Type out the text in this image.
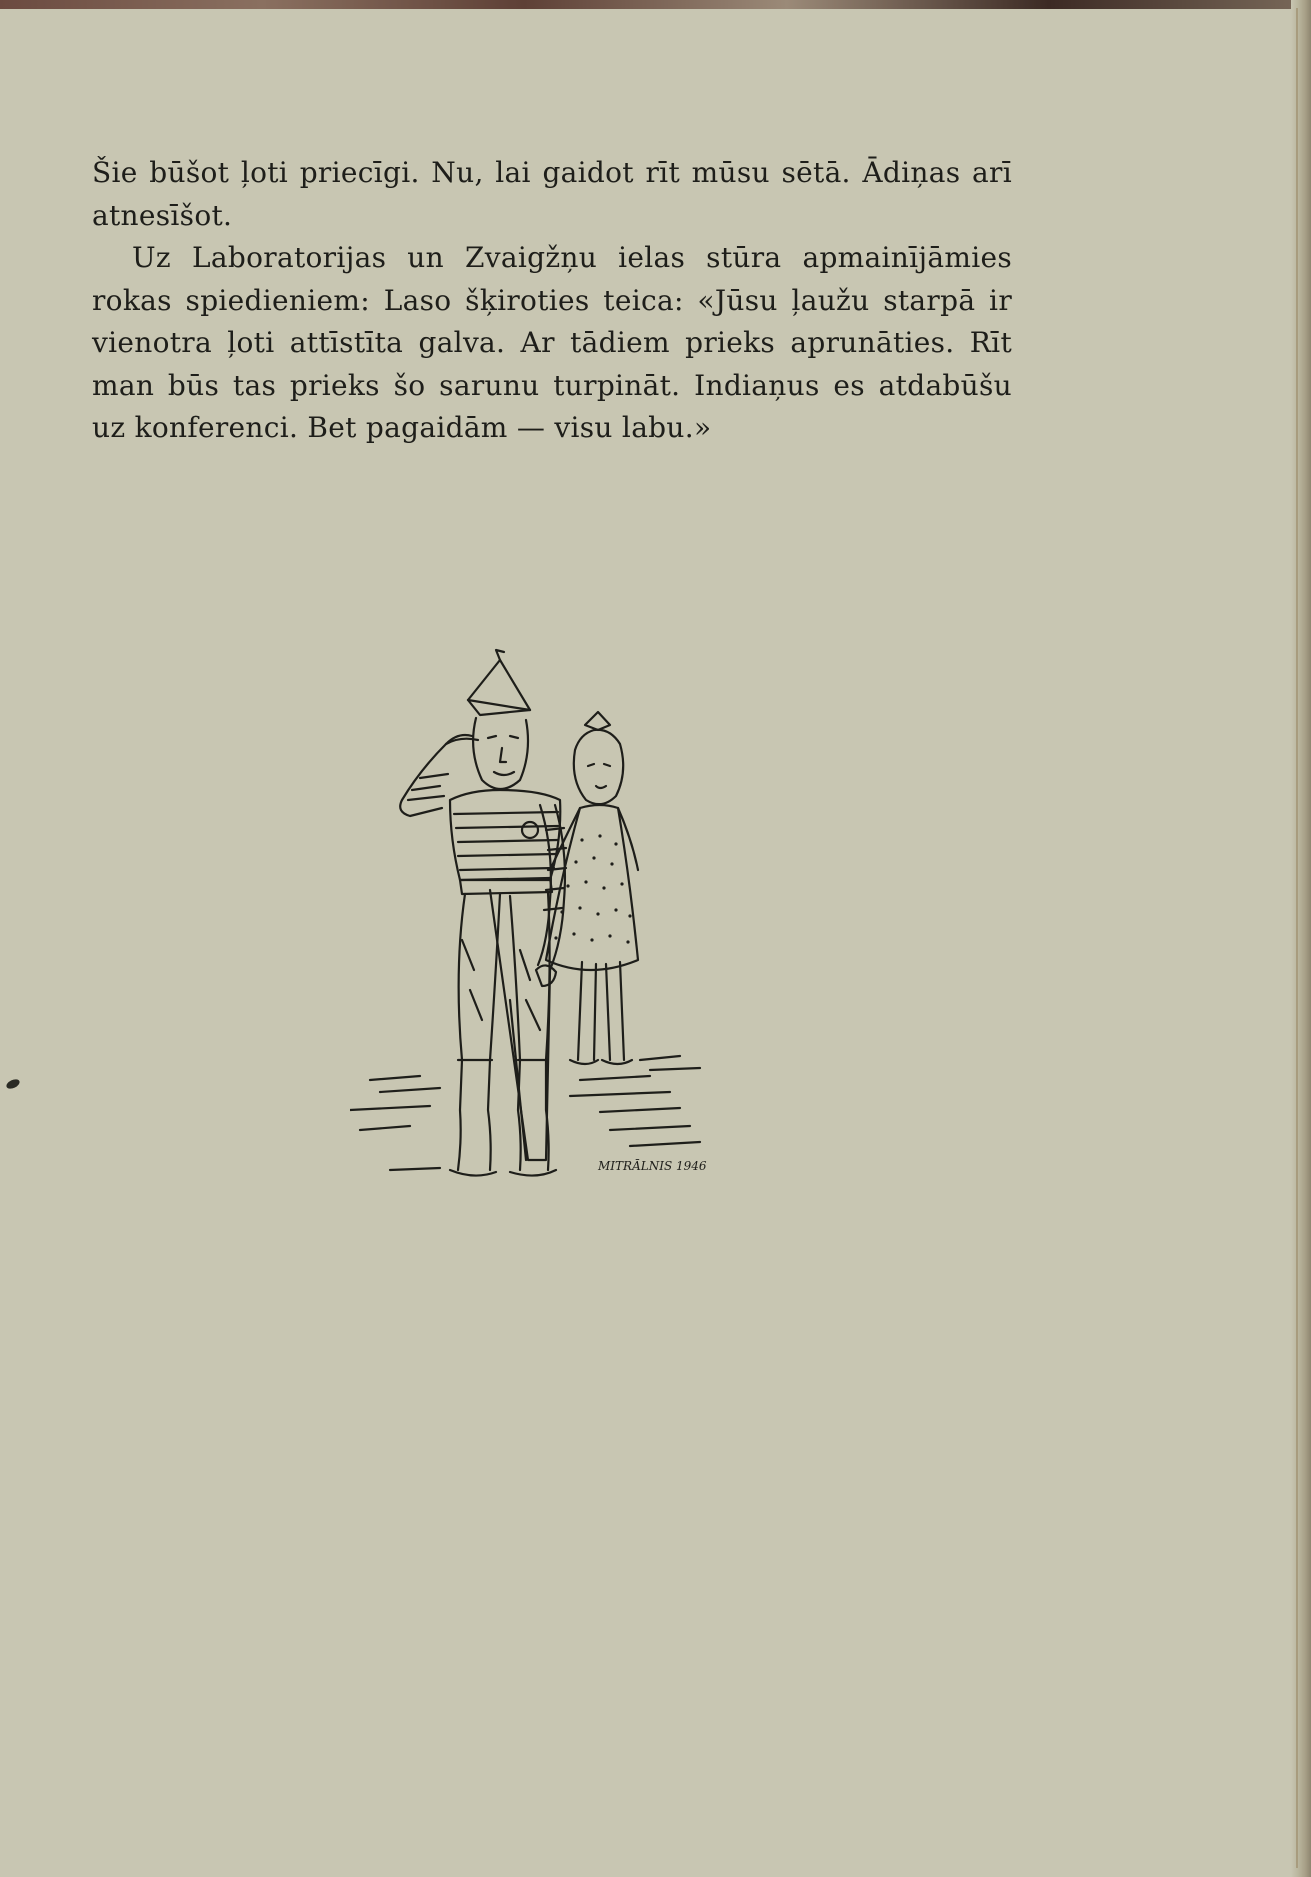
Šie būšot ļoti priecīgi. Nu, lai gaidot rīt mūsu sētā. Ādiņas arī atnesīšot.

Uz Laboratorijas un Zvaigžņu ielas stūra apmainījāmies rokas spiedieniem: Laso šķiroties teica: «Jūsu ļaužu starpā ir vienotra ļoti attīstīta galva. Ar tādiem prieks aprunāties. Rīt man būs tas prieks šo sarunu turpināt. Indiaņus es atdabūšu uz konferenci. Bet pagaidām — visu labu.»

MITRĀLNIS 1946
